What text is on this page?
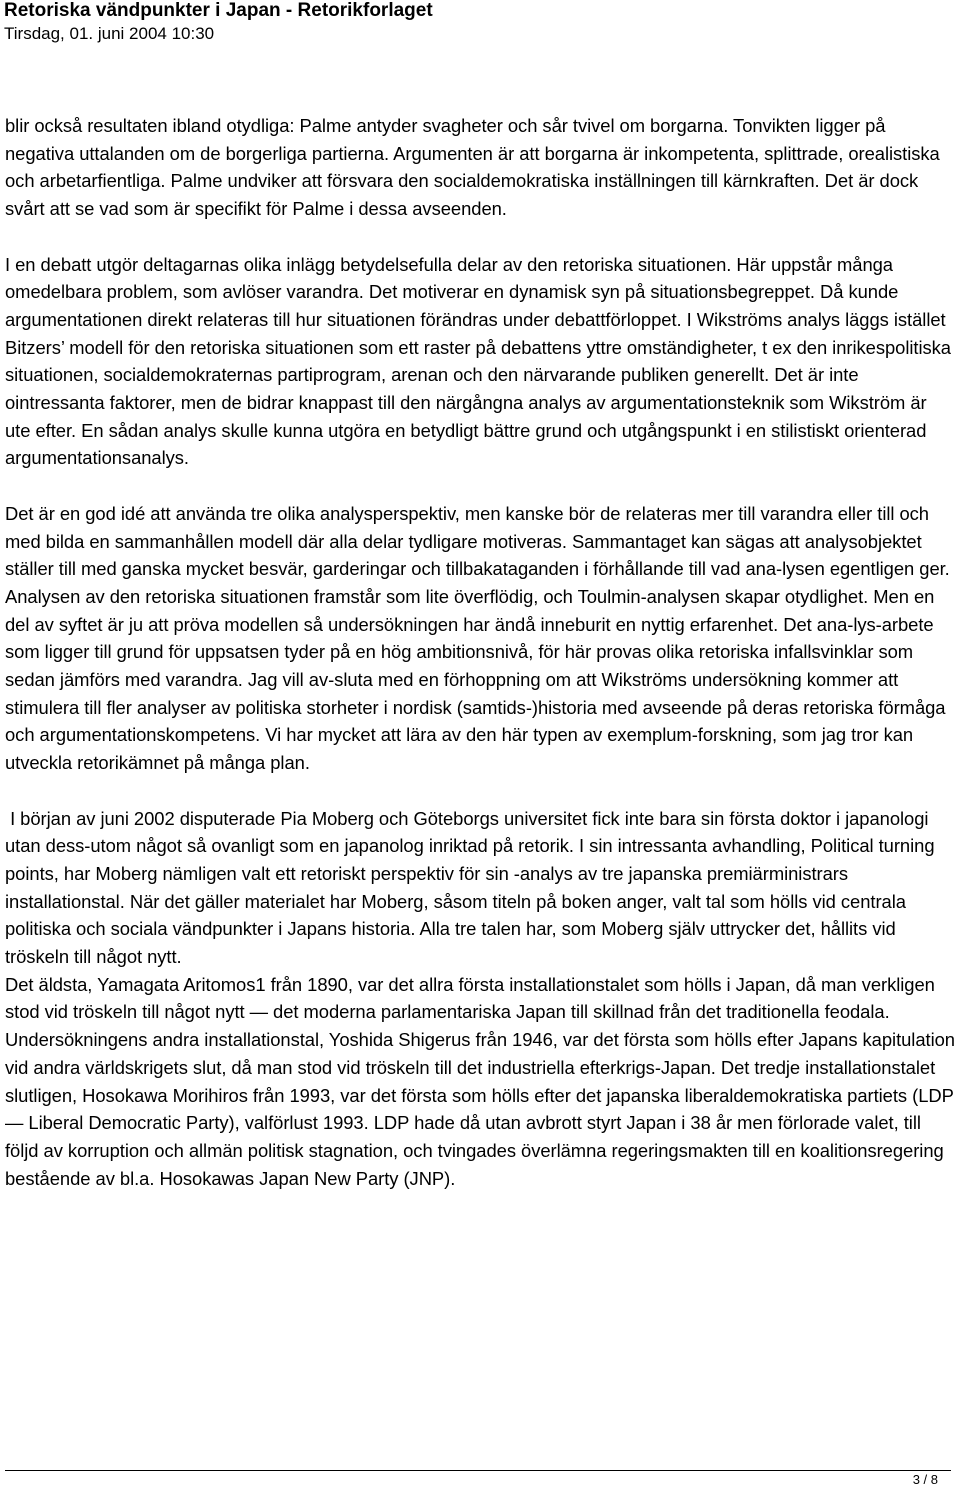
Retoriska vändpunkter i Japan - Retorikforlaget
Tirsdag, 01. juni 2004 10:30

blir också resultaten ibland otydliga: Palme antyder svagheter och sår tvivel om borgarna. Tonvikten ligger på negativa uttalanden om de borgerliga partierna. Argumenten är att borgarna är inkompetenta, splittrade, orealistiska och arbetarfientliga. Palme undviker att försvara den socialdemokratiska inställningen till kärnkraften. Det är dock svårt att se vad som är specifikt för Palme i dessa avseenden.

I en debatt utgör deltagarnas olika inlägg betydelsefulla delar av den retoriska situationen. Här uppstår många omedelbara problem, som avlöser varandra. Det motiverar en dynamisk syn på situationsbegreppet. Då kunde argumentationen direkt relateras till hur situationen förändras under debattförloppet. I Wikströms analys läggs istället Bitzers’ modell för den retoriska situationen som ett raster på debattens yttre omständigheter, t ex den inrikespolitiska situationen, socialdemokraternas partiprogram, arenan och den närvarande publiken generellt. Det är inte ointressanta faktorer, men de bidrar knappast till den närgångna analys av argumentationsteknik som Wikström är ute efter. En sådan analys skulle kunna utgöra en betydligt bättre grund och utgångspunkt i en stilistiskt orienterad argumentationsanalys.

Det är en god idé att använda tre olika analysperspektiv, men kanske bör de relateras mer till varandra eller till och med bilda en sammanhållen modell där alla delar tydligare motiveras. Sammantaget kan sägas att analysobjektet ställer till med ganska mycket besvär, garderingar och tillbakataganden i förhållande till vad ana-lysen egentligen ger. Analysen av den retoriska situationen framstår som lite överflödig, och Toulmin-analysen skapar otydlighet. Men en del av syftet är ju att pröva modellen så undersökningen har ändå inneburit en nyttig erfarenhet. Det ana-lys-arbete som ligger till grund för uppsatsen tyder på en hög ambitionsnivå, för här provas olika retoriska infallsvinklar som sedan jämförs med varandra. Jag vill av-sluta med en förhoppning om att Wikströms undersökning kommer att stimulera till fler analyser av politiska storheter i nordisk (samtids-)historia med avseende på deras retoriska förmåga och argumentationskompetens. Vi har mycket att lära av den här typen av exemplum-forskning, som jag tror kan utveckla retorikämnet på många plan.

I början av juni 2002 disputerade Pia Moberg och Göteborgs universitet fick inte bara sin första doktor i japanologi utan dess-utom något så ovanligt som en japanolog inriktad på retorik. I sin intressanta avhandling, Political turning points, har Moberg nämligen valt ett retoriskt perspektiv för sin -analys av tre japanska premiärministrars installationstal. När det gäller materialet har Moberg, såsom titeln på boken anger, valt tal som hölls vid centrala politiska och sociala vändpunkter i Japans historia. Alla tre talen har, som Moberg själv uttrycker det, hållits vid tröskeln till något nytt.

Det äldsta, Yamagata Aritomos1 från 1890, var det allra första installationstalet som hölls i Japan, då man verkligen stod vid tröskeln till något nytt — det moderna parlamentariska Japan till skillnad från det traditionella feodala. Undersökningens andra installationstal, Yoshida Shigerus från 1946, var det första som hölls efter Japans kapitulation vid andra världskrigets slut, då man stod vid tröskeln till det industriella efterkrigs-Japan. Det tredje installationstalet slutligen, Hosokawa Morihiros från 1993, var det första som hölls efter det japanska liberaldemokratiska partiets (LDP — Liberal Democratic Party), valförlust 1993. LDP hade då utan avbrott styrt Japan i 38 år men förlorade valet, till följd av korruption och allmän politisk stagnation, och tvingades överlämna regeringsmakten till en koalitionsregering bestående av bl.a. Hosokawas Japan New Party (JNP).

3 / 8
